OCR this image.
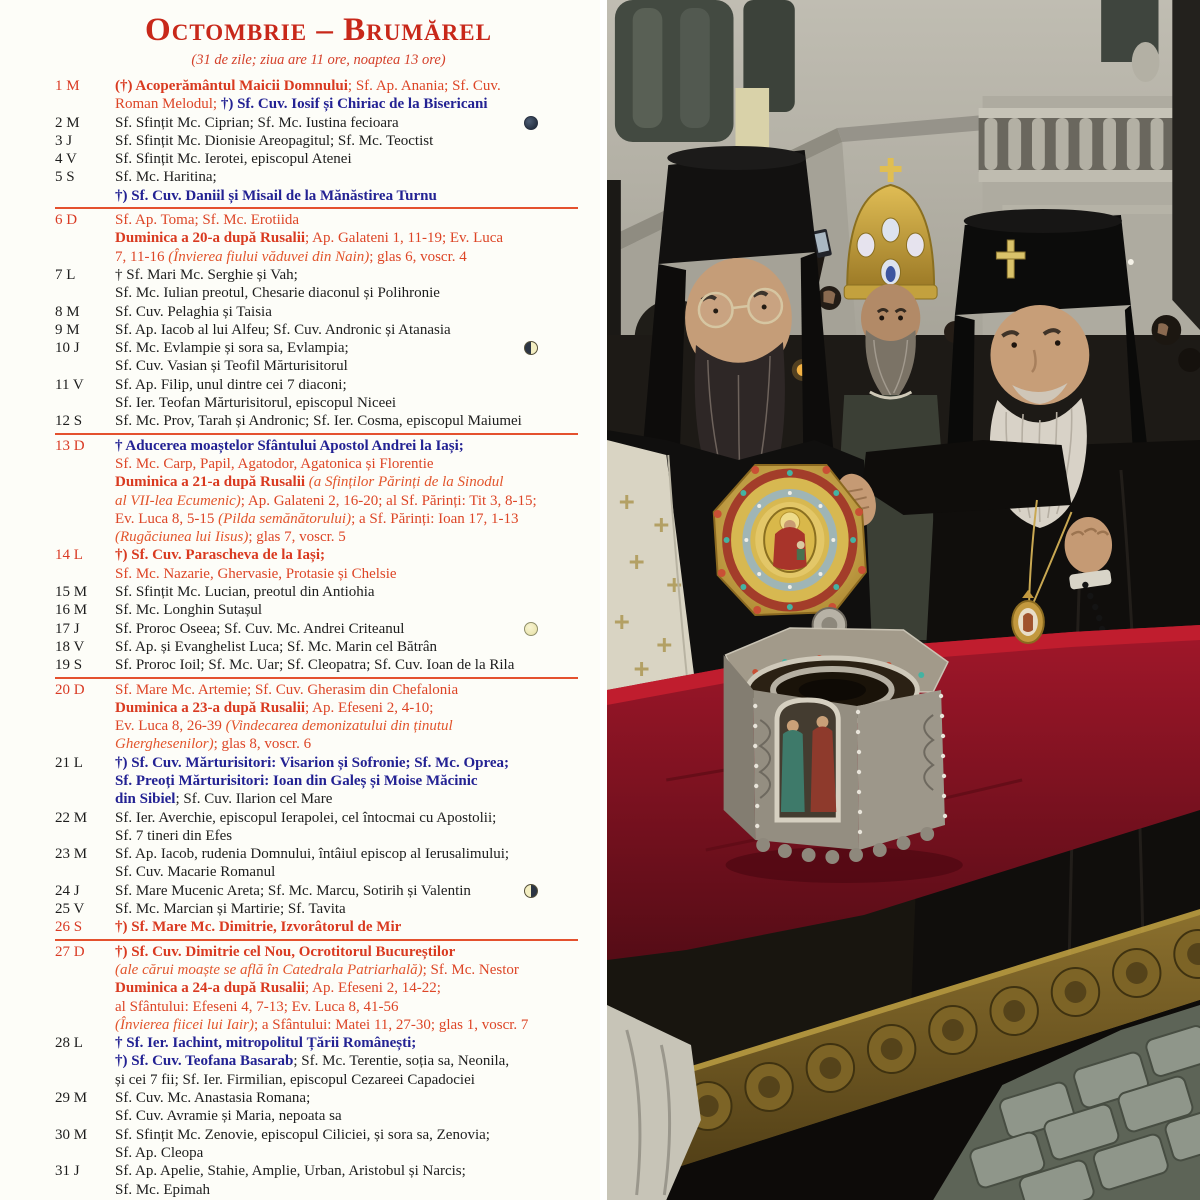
Octombrie – Brumărel
(31 de zile; ziua are 11 ore, noaptea 13 ore)
1 M	(†) Acoperământul Maicii Domnului; Sf. Ap. Anania; Sf. Cuv.
Roman Melodul; †) Sf. Cuv. Iosif și Chiriac de la Bisericani
2 M	Sf. Sfințit Mc. Ciprian; Sf. Mc. Iustina fecioara
3 J	Sf. Sfințit Mc. Dionisie Areopagitul; Sf. Mc. Teoctist
4 V	Sf. Sfințit Mc. Ierotei, episcopul Atenei
5 S	Sf. Mc. Haritina;
†) Sf. Cuv. Daniil și Misail de la Mănăstirea Turnu
6 D	Sf. Ap. Toma; Sf. Mc. Erotiida
Duminica a 20-a după Rusalii; Ap. Galateni 1, 11-19; Ev. Luca
7, 11-16 (Învierea fiului văduvei din Nain); glas 6, voscr. 4
7 L	† Sf. Mari Mc. Serghie și Vah;
Sf. Mc. Iulian preotul, Chesarie diaconul și Polihronie
8 M	Sf. Cuv. Pelaghia și Taisia
9 M	Sf. Ap. Iacob al lui Alfeu; Sf. Cuv. Andronic și Atanasia
10 J	Sf. Mc. Evlampie și sora sa, Evlampia;
Sf. Cuv. Vasian și Teofil Mărturisitorul
11 V	Sf. Ap. Filip, unul dintre cei 7 diaconi;
Sf. Ier. Teofan Mărturisitorul, episcopul Niceei
12 S	Sf. Mc. Prov, Tarah și Andronic; Sf. Ier. Cosma, episcopul Maiumei
13 D	† Aducerea moaștelor Sfântului Apostol Andrei la Iași;
Sf. Mc. Carp, Papil, Agatodor, Agatonica și Florentie
Duminica a 21-a după Rusalii (a Sfinților Părinți de la Sinodul
al VII-lea Ecumenic); Ap. Galateni 2, 16-20; al Sf. Părinți: Tit 3, 8-15;
Ev. Luca 8, 5-15 (Pilda semănătorului); a Sf. Părinți: Ioan 17, 1-13
(Rugăciunea lui Iisus); glas 7, voscr. 5
14 L	†) Sf. Cuv. Parascheva de la Iași;
Sf. Mc. Nazarie, Ghervasie, Protasie și Chelsie
15 M	Sf. Sfințit Mc. Lucian, preotul din Antiohia
16 M	Sf. Mc. Longhin Sutașul
17 J	Sf. Proroc Oseea; Sf. Cuv. Mc. Andrei Criteanul
18 V	Sf. Ap. și Evanghelist Luca; Sf. Mc. Marin cel Bătrân
19 S	Sf. Proroc Ioil; Sf. Mc. Uar; Sf. Cleopatra; Sf. Cuv. Ioan de la Rila
20 D	Sf. Mare Mc. Artemie; Sf. Cuv. Gherasim din Chefalonia
Duminica a 23-a după Rusalii; Ap. Efeseni 2, 4-10;
Ev. Luca 8, 26-39 (Vindecarea demonizatului din ținutul
Gherghesenilor); glas 8, voscr. 6
21 L	†) Sf. Cuv. Mărturisitori: Visarion și Sofronie; Sf. Mc. Oprea;
Sf. Preoți Mărturisitori: Ioan din Galeș și Moise Măcinic
din Sibiel; Sf. Cuv. Ilarion cel Mare
22 M	Sf. Ier. Averchie, episcopul Ierapolei, cel întocmai cu Apostolii;
Sf. 7 tineri din Efes
23 M	Sf. Ap. Iacob, rudenia Domnului, întâiul episcop al Ierusalimului;
Sf. Cuv. Macarie Romanul
24 J	Sf. Mare Mucenic Areta; Sf. Mc. Marcu, Sotirih și Valentin
25 V	Sf. Mc. Marcian și Martirie; Sf. Tavita
26 S	†) Sf. Mare Mc. Dimitrie, Izvorâtorul de Mir
27 D	†) Sf. Cuv. Dimitrie cel Nou, Ocrotitorul Bucureștilor
(ale cărui moaște se află în Catedrala Patriarhală); Sf. Mc. Nestor
Duminica a 24-a după Rusalii; Ap. Efeseni 2, 14-22;
al Sfântului: Efeseni 4, 7-13; Ev. Luca 8, 41-56
(Învierea fiicei lui Iair); a Sfântului: Matei 11, 27-30; glas 1, voscr. 7
28 L	† Sf. Ier. Iachint, mitropolitul Țării Românești;
†) Sf. Cuv. Teofana Basarab; Sf. Mc. Terentie, soția sa, Neonila,
și cei 7 fii; Sf. Ier. Firmilian, episcopul Cezareei Capadociei
29 M	Sf. Cuv. Mc. Anastasia Romana;
Sf. Cuv. Avramie și Maria, nepoata sa
30 M	Sf. Sfințit Mc. Zenovie, episcopul Ciliciei, și sora sa, Zenovia;
Sf. Ap. Cleopa
31 J	Sf. Ap. Apelie, Stahie, Amplie, Urban, Aristobul și Narcis;
Sf. Mc. Epimah
